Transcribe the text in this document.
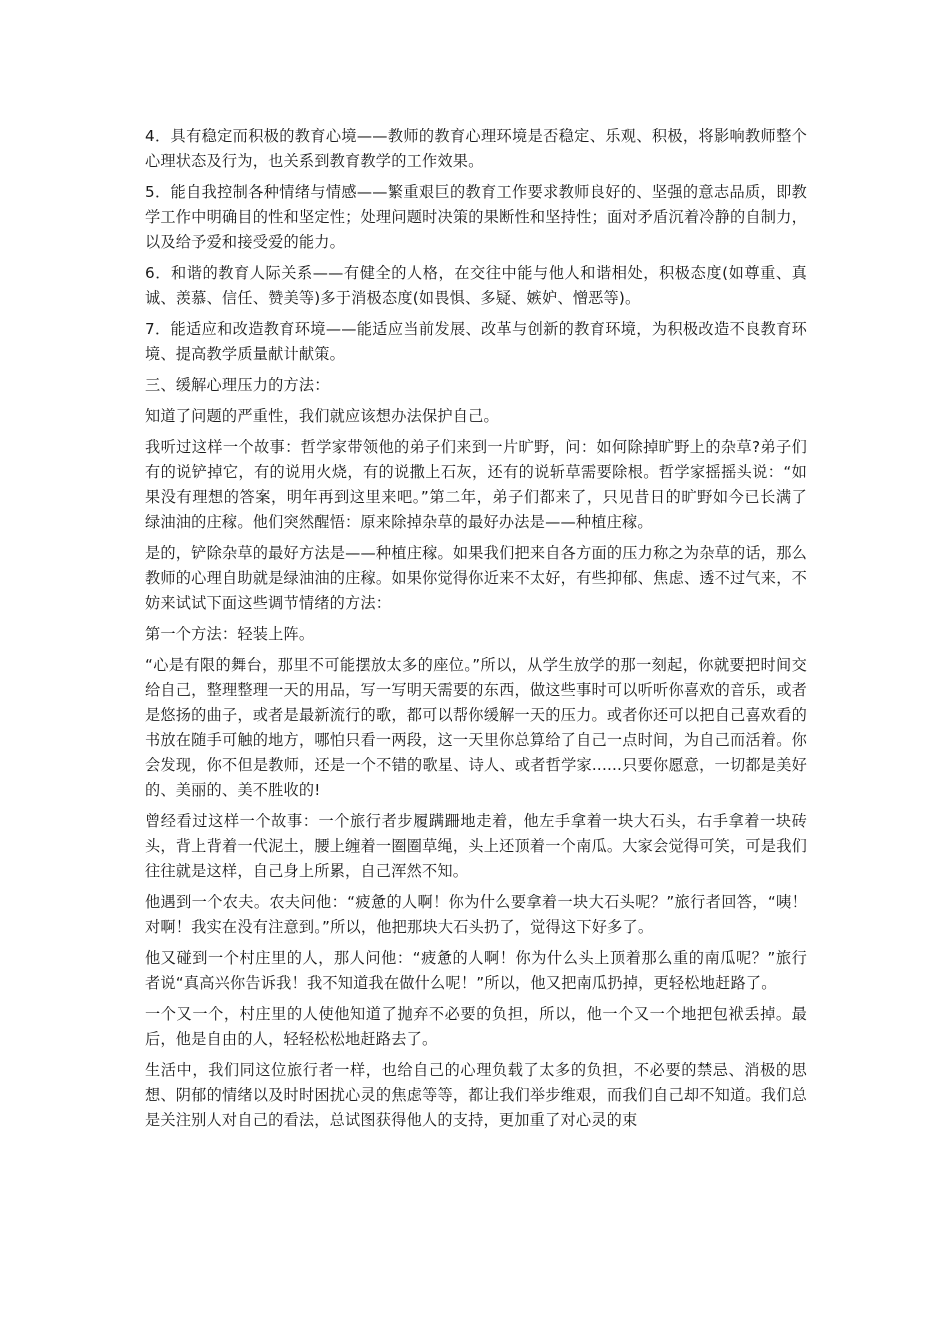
4．具有稳定而积极的教育心境——教师的教育心理环境是否稳定、乐观、积极，将影响教师整个心理状态及行为，也关系到教育教学的工作效果。

5．能自我控制各种情绪与情感——繁重艰巨的教育工作要求教师良好的、坚强的意志品质，即教学工作中明确目的性和坚定性；处理问题时决策的果断性和坚持性；面对矛盾沉着冷静的自制力，以及给予爱和接受爱的能力。

6．和谐的教育人际关系——有健全的人格，在交往中能与他人和谐相处，积极态度(如尊重、真诚、羡慕、信任、赞美等)多于消极态度(如畏惧、多疑、嫉妒、憎恶等)。

7．能适应和改造教育环境——能适应当前发展、改革与创新的教育环境，为积极改造不良教育环境、提高教学质量献计献策。

三、缓解心理压力的方法：

知道了问题的严重性，我们就应该想办法保护自己。

我听过这样一个故事：哲学家带领他的弟子们来到一片旷野，问：如何除掉旷野上的杂草?弟子们有的说铲掉它，有的说用火烧，有的说撒上石灰，还有的说斩草需要除根。哲学家摇摇头说：“如果没有理想的答案，明年再到这里来吧。”第二年，弟子们都来了，只见昔日的旷野如今已长满了绿油油的庄稼。他们突然醒悟：原来除掉杂草的最好办法是——种植庄稼。

是的，铲除杂草的最好方法是——种植庄稼。如果我们把来自各方面的压力称之为杂草的话，那么教师的心理自助就是绿油油的庄稼。如果你觉得你近来不太好，有些抑郁、焦虑、透不过气来，不妨来试试下面这些调节情绪的方法：

第一个方法：轻装上阵。

“心是有限的舞台，那里不可能摆放太多的座位。”所以，从学生放学的那一刻起，你就要把时间交给自己，整理整理一天的用品，写一写明天需要的东西，做这些事时可以听听你喜欢的音乐，或者是悠扬的曲子，或者是最新流行的歌，都可以帮你缓解一天的压力。或者你还可以把自己喜欢看的书放在随手可触的地方，哪怕只看一两段，这一天里你总算给了自己一点时间，为自己而活着。你会发现，你不但是教师，还是一个不错的歌星、诗人、或者哲学家......只要你愿意，一切都是美好的、美丽的、美不胜收的!

曾经看过这样一个故事：一个旅行者步履蹒跚地走着，他左手拿着一块大石头，右手拿着一块砖头，背上背着一代泥土，腰上缠着一圈圈草绳，头上还顶着一个南瓜。大家会觉得可笑，可是我们往往就是这样，自己身上所累，自己浑然不知。

他遇到一个农夫。农夫问他：“疲惫的人啊！你为什么要拿着一块大石头呢？”旅行者回答，“咦！对啊！我实在没有注意到。”所以，他把那块大石头扔了，觉得这下好多了。

他又碰到一个村庄里的人，那人问他：“疲惫的人啊！你为什么头上顶着那么重的南瓜呢？”旅行者说“真高兴你告诉我！我不知道我在做什么呢！”所以，他又把南瓜扔掉，更轻松地赶路了。

一个又一个，村庄里的人使他知道了抛弃不必要的负担，所以，他一个又一个地把包袱丢掉。最后，他是自由的人，轻轻松松地赶路去了。

生活中，我们同这位旅行者一样，也给自己的心理负载了太多的负担，不必要的禁忌、消极的思想、阴郁的情绪以及时时困扰心灵的焦虑等等，都让我们举步维艰，而我们自己却不知道。我们总是关注别人对自己的看法，总试图获得他人的支持，更加重了对心灵的束
